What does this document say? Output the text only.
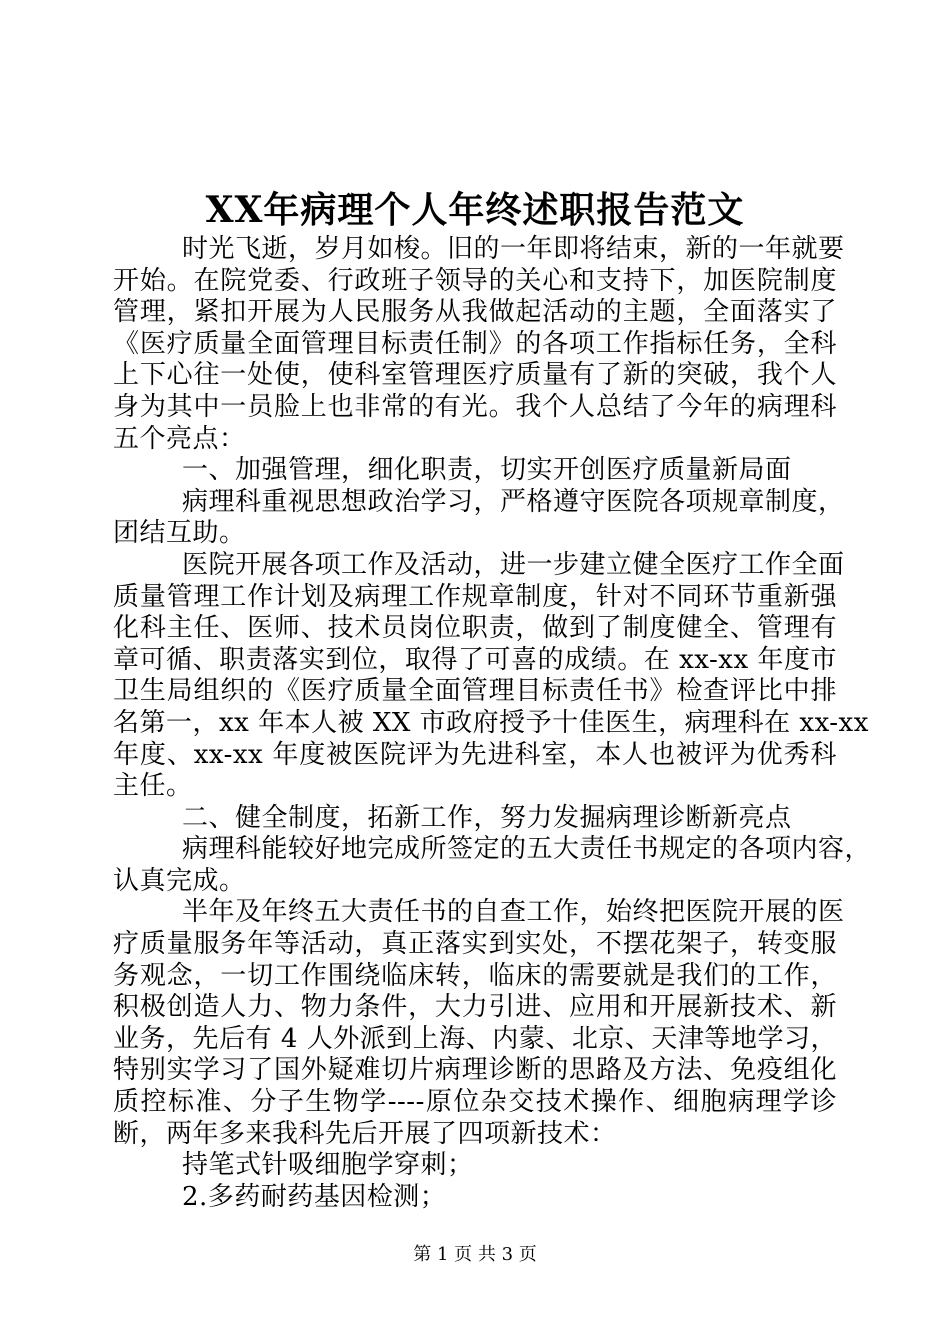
XX年病理个人年终述职报告范文
时光飞逝，岁月如梭。旧的一年即将结束，新的一年就要
开始。在院党委、行政班子领导的关心和支持下，加医院制度
管理，紧扣开展为人民服务从我做起活动的主题，全面落实了
《医疗质量全面管理目标责任制》的各项工作指标任务，全科
上下心往一处使，使科室管理医疗质量有了新的突破，我个人
身为其中一员脸上也非常的有光。我个人总结了今年的病理科
五个亮点：
一、加强管理，细化职责，切实开创医疗质量新局面
病理科重视思想政治学习，严格遵守医院各项规章制度，
团结互助。
医院开展各项工作及活动，进一步建立健全医疗工作全面
质量管理工作计划及病理工作规章制度，针对不同环节重新强
化科主任、医师、技术员岗位职责，做到了制度健全、管理有
章可循、职责落实到位，取得了可喜的成绩。在 xx-xx 年度市
卫生局组织的《医疗质量全面管理目标责任书》检查评比中排
名第一，xx 年本人被 XX 市政府授予十佳医生，病理科在 xx-xx
年度、xx-xx 年度被医院评为先进科室，本人也被评为优秀科
主任。
二、健全制度，拓新工作，努力发掘病理诊断新亮点
病理科能较好地完成所签定的五大责任书规定的各项内容，
认真完成。
半年及年终五大责任书的自查工作，始终把医院开展的医
疗质量服务年等活动，真正落实到实处，不摆花架子，转变服
务观念，一切工作围绕临床转，临床的需要就是我们的工作，
积极创造人力、物力条件，大力引进、应用和开展新技术、新
业务，先后有 4 人外派到上海、内蒙、北京、天津等地学习，
特别实学习了国外疑难切片病理诊断的思路及方法、免疫组化
质控标准、分子生物学----原位杂交技术操作、细胞病理学诊
断，两年多来我科先后开展了四项新技术：
持笔式针吸细胞学穿刺；
2.多药耐药基因检测；
第 1 页 共 3 页
